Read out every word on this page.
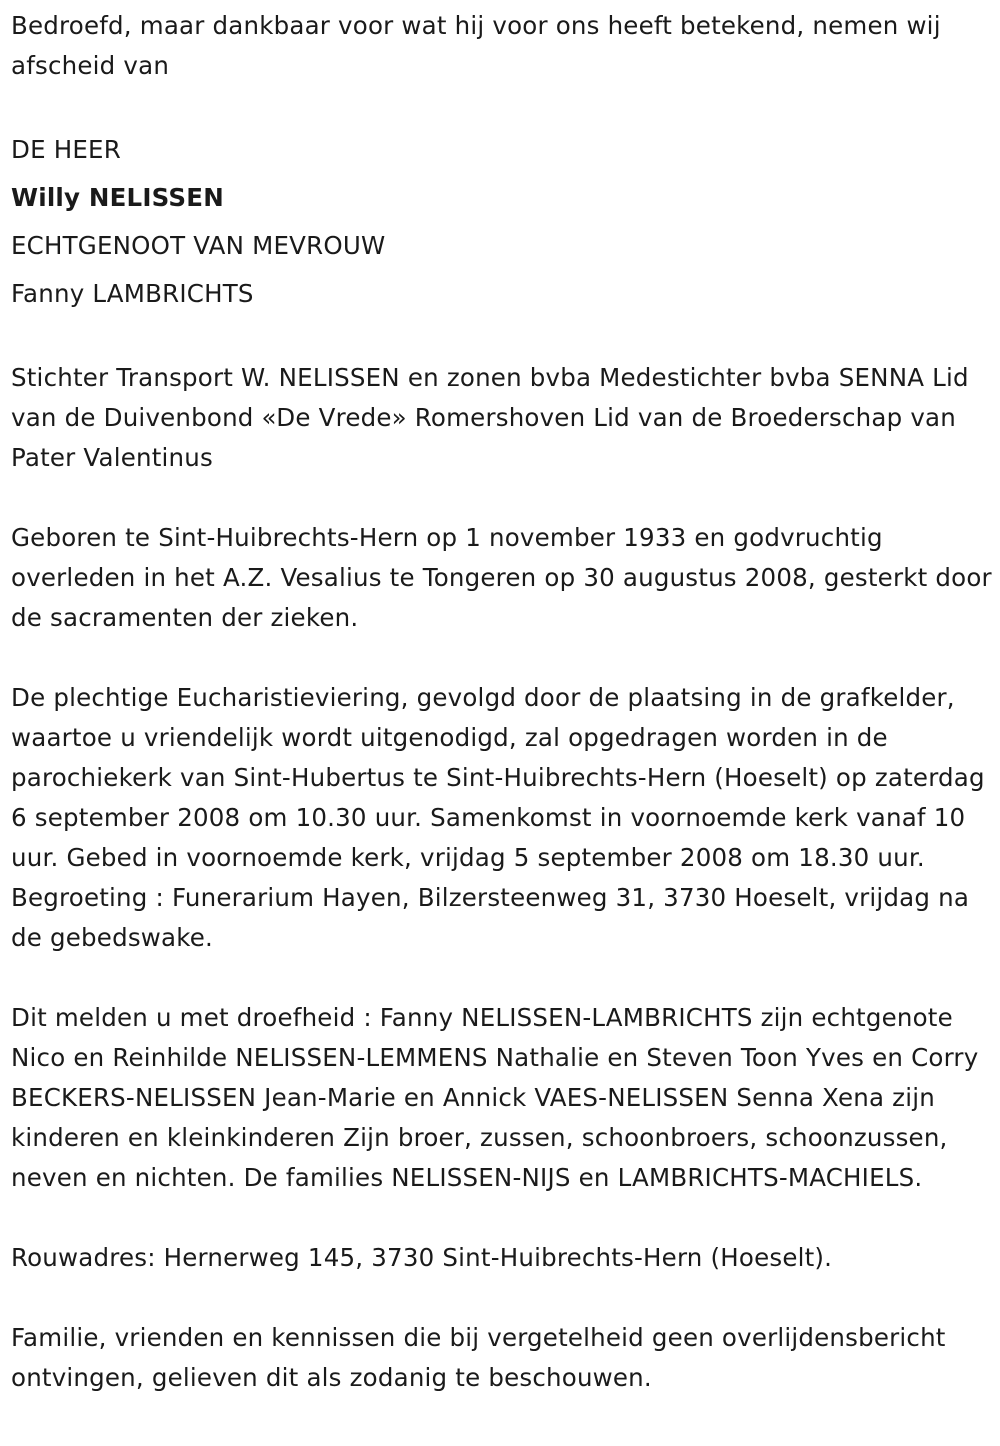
Bedroefd, maar dankbaar voor wat hij voor ons heeft betekend, nemen wij afscheid van

DE HEER

Willy NELISSEN

ECHTGENOOT VAN MEVROUW

Fanny LAMBRICHTS

Stichter Transport W. NELISSEN en zonen bvba Medestichter bvba SENNA Lid van de Duivenbond «De Vrede» Romershoven Lid van de Broederschap van Pater Valentinus

Geboren te Sint-Huibrechts-Hern op 1 november 1933 en godvruchtig overleden in het A.Z. Vesalius te Tongeren op 30 augustus 2008, gesterkt door de sacramenten der zieken.

De plechtige Eucharistieviering, gevolgd door de plaatsing in de grafkelder, waartoe u vriendelijk wordt uitgenodigd, zal opgedragen worden in de parochiekerk van Sint-Hubertus te Sint-Huibrechts-Hern (Hoeselt) op zaterdag 6 september 2008 om 10.30 uur. Samenkomst in voornoemde kerk vanaf 10 uur. Gebed in voornoemde kerk, vrijdag 5 september 2008 om 18.30 uur. Begroeting : Funerarium Hayen, Bilzersteenweg 31, 3730 Hoeselt, vrijdag na de gebedswake.

Dit melden u met droefheid : Fanny NELISSEN-LAMBRICHTS zijn echtgenote Nico en Reinhilde NELISSEN-LEMMENS Nathalie en Steven Toon Yves en Corry BECKERS-NELISSEN Jean-Marie en Annick VAES-NELISSEN Senna Xena zijn kinderen en kleinkinderen Zijn broer, zussen, schoonbroers, schoonzussen, neven en nichten. De families NELISSEN-NIJS en LAMBRICHTS-MACHIELS.

Rouwadres: Hernerweg 145, 3730 Sint-Huibrechts-Hern (Hoeselt).

Familie, vrienden en kennissen die bij vergetelheid geen overlijdensbericht ontvingen, gelieven dit als zodanig te beschouwen.
